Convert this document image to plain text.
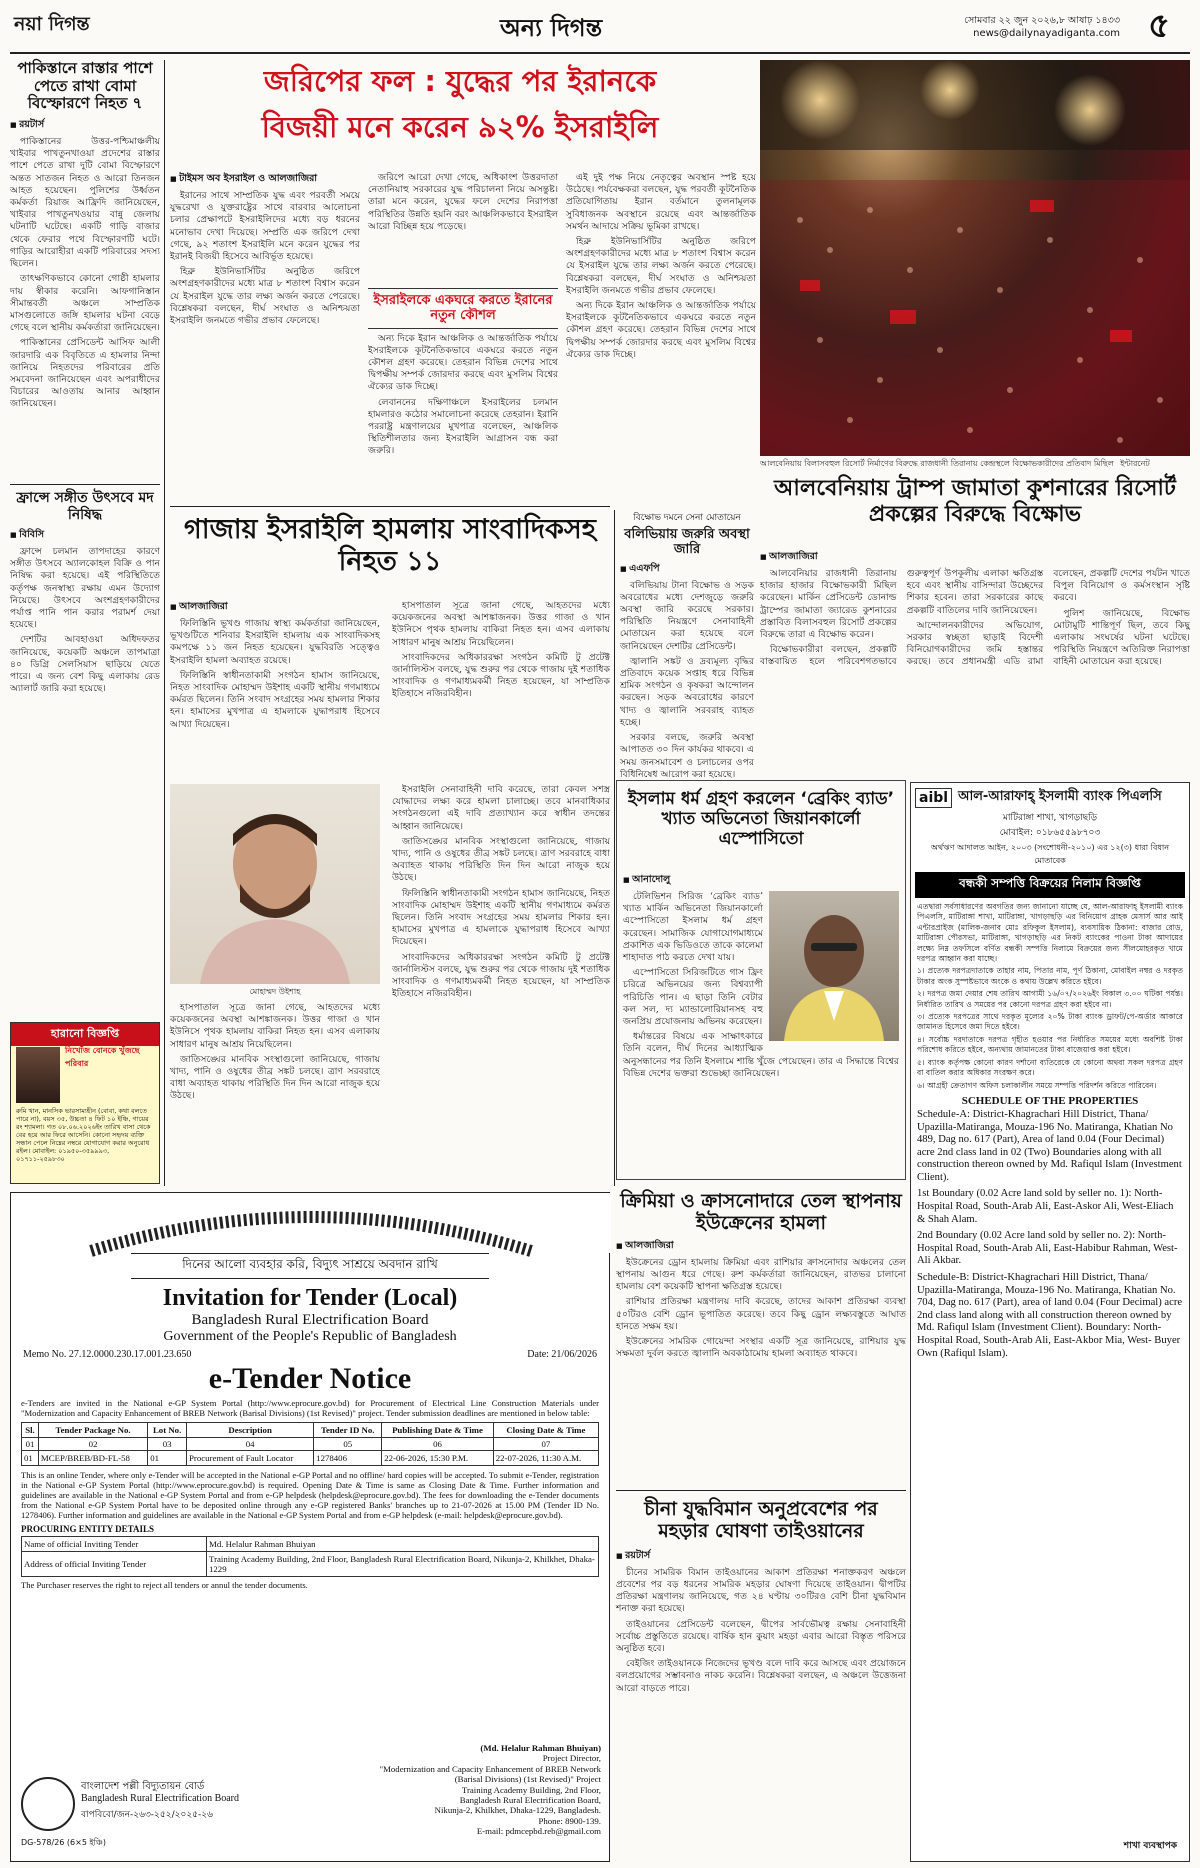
নয়া দিগন্ত	অন্য দিগন্ত	সোমবার ২২ জুন ২০২৬,৮ আষাঢ় ১৪৩৩
news@dailynayadiganta.com ৫
পাকিস্তানে রাস্তার পাশে পেতে রাখা বোমা বিস্ফোরণে নিহত ৭
■ রয়টার্স

পাকিস্তানের উত্তর-পশ্চিমাঞ্চলীয় খাইবার পাখতুনখাওয়া প্রদেশের রাস্তার পাশে পেতে রাখা দুটি বোমা বিস্ফোরণে অন্তত সাতজন নিহত ও আরো তিনজন আহত হয়েছেন। পুলিশের উর্ধ্বতন কর্মকর্তা রিয়াজ আফ্রিদি জানিয়েছেন, খাইবার পাখতুনখওয়ার বান্নু জেলায় ঘটনাটি ঘটেছে। একটি গাড়ি বাজার থেকে ফেরার পথে বিস্ফোরণটি ঘটে। গাড়ির আরোহীরা একটি পরিবারের সদস্য ছিলেন।

তাৎক্ষণিকভাবে কোনো গোষ্ঠী হামলার দায় স্বীকার করেনি। আফগানিস্তান সীমান্তবর্তী অঞ্চলে সাম্প্রতিক মাসগুলোতে জঙ্গি হামলার ঘটনা বেড়ে গেছে বলে স্থানীয় কর্মকর্তারা জানিয়েছেন।

পাকিস্তানের প্রেসিডেন্ট আসিফ আলী জারদারি এক বিবৃতিতে এ হামলার নিন্দা জানিয়ে নিহতদের পরিবারের প্রতি সমবেদনা জানিয়েছেন এবং অপরাধীদের বিচারের আওতায় আনার আহ্বান জানিয়েছেন।

ফ্রান্সে সঙ্গীত উৎসবে মদ নিষিদ্ধ
■ বিবিসি

ফ্রান্সে চলমান তাপদাহের কারণে সঙ্গীত উৎসবে অ্যালকোহল বিক্রি ও পান নিষিদ্ধ করা হয়েছে। এই পরিস্থিতিতে কর্তৃপক্ষ জনস্বাস্থ্য রক্ষায় এমন উদ্যোগ নিয়েছে। উৎসবে অংশগ্রহণকারীদের পর্যাপ্ত পানি পান করার পরামর্শ দেয়া হয়েছে।

দেশটির আবহাওয়া অধিদফতর জানিয়েছে, কয়েকটি অঞ্চলে তাপমাত্রা ৪০ ডিগ্রি সেলসিয়াস ছাড়িয়ে যেতে পারে। এ জন্য বেশ কিছু এলাকায় রেড অ্যালার্ট জারি করা হয়েছে।

হারানো বিজ্ঞপ্তি
নিখোঁজ বোনকে খুঁজছে পরিবার
রুমি খান, মানসিক ভারসাম্যহীন (বোবা, কথা বলতে পারে না), বয়স ৩৫, উচ্চতা ৪ ফিট ১০ ইঞ্চি, গায়ের রং শ্যামলা। গত ০৮.০৬.২০২৬ইং তারিখ বাসা থেকে বের হয়ে আর ফিরে আসেনি। কোনো সহৃদয় ব্যক্তি সন্ধান পেলে নিম্নের নম্বরে যোগাযোগ করার অনুরোধ রইল। মোবাইল: ০১৯৫০-৩৫৯৯৯৩, ০১৭১১-২৫৯৮৩০
জরিপের ফল : যুদ্ধের পর ইরানকে
বিজয়ী মনে করেন ৯২% ইসরাইলি
■ টাইমস অব ইসরাইল ও আলজাজিরা

ইরানের সাথে সাম্প্রতিক যুদ্ধ এবং পরবর্তী সময়ে যুদ্ধরেখা ও যুক্তরাষ্ট্রের সাথে বারবার আলোচনা চলার প্রেক্ষাপটে ইসরাইলিদের মধ্যে বড় ধরনের মনোভাব দেখা দিয়েছে। সম্প্রতি এক জরিপে দেখা গেছে, ৯২ শতাংশ ইসরাইলি মনে করেন যুদ্ধের পর ইরানই বিজয়ী হিসেবে আবির্ভূত হয়েছে।

হিব্রু ইউনিভার্সিটির অনুষ্ঠিত জরিপে অংশগ্রহণকারীদের মধ্যে মাত্র ৮ শতাংশ বিশ্বাস করেন যে ইসরাইল যুদ্ধে তার লক্ষ্য অর্জন করতে পেরেছে। বিশ্লেষকরা বলছেন, দীর্ঘ সংঘাত ও অনিশ্চয়তা ইসরাইলি জনমতে গভীর প্রভাব ফেলেছে।

জরিপে আরো দেখা গেছে, অধিকাংশ উত্তরদাতা নেতানিয়াহু সরকারের যুদ্ধ পরিচালনা নিয়ে অসন্তুষ্ট। তারা মনে করেন, যুদ্ধের ফলে দেশের নিরাপত্তা পরিস্থিতির উন্নতি হয়নি বরং আঞ্চলিকভাবে ইসরাইল আরো বিচ্ছিন্ন হয়ে পড়েছে।

ইসরাইলকে একঘরে করতে ইরানের নতুন কৌশল

অন্য দিকে ইরান আঞ্চলিক ও আন্তর্জাতিক পর্যায়ে ইসরাইলকে কূটনৈতিকভাবে একঘরে করতে নতুন কৌশল গ্রহণ করেছে। তেহরান বিভিন্ন দেশের সাথে দ্বিপক্ষীয় সম্পর্ক জোরদার করছে এবং মুসলিম বিশ্বের ঐক্যের ডাক দিচ্ছে।

লেবাননের দক্ষিণাঞ্চলে ইসরাইলের চলমান হামলারও কঠোর সমালোচনা করেছে তেহরান। ইরানি পররাষ্ট্র মন্ত্রণালয়ের মুখপাত্র বলেছেন, আঞ্চলিক স্থিতিশীলতার জন্য ইসরাইলি আগ্রাসন বন্ধ করা জরুরি।

এই দুই পক্ষ নিয়ে নেতৃত্বের অবস্থান স্পষ্ট হয়ে উঠেছে। পর্যবেক্ষকরা বলছেন, যুদ্ধ পরবর্তী কূটনৈতিক প্রতিযোগিতায় ইরান বর্তমানে তুলনামূলক সুবিধাজনক অবস্থানে রয়েছে এবং আন্তর্জাতিক সমর্থন আদায়ে সক্রিয় ভূমিকা রাখছে।

হিব্রু ইউনিভার্সিটির অনুষ্ঠিত জরিপে অংশগ্রহণকারীদের মধ্যে মাত্র ৮ শতাংশ বিশ্বাস করেন যে ইসরাইল যুদ্ধে তার লক্ষ্য অর্জন করতে পেরেছে। বিশ্লেষকরা বলছেন, দীর্ঘ সংঘাত ও অনিশ্চয়তা ইসরাইলি জনমতে গভীর প্রভাব ফেলেছে।

অন্য দিকে ইরান আঞ্চলিক ও আন্তর্জাতিক পর্যায়ে ইসরাইলকে কূটনৈতিকভাবে একঘরে করতে নতুন কৌশল গ্রহণ করেছে। তেহরান বিভিন্ন দেশের সাথে দ্বিপক্ষীয় সম্পর্ক জোরদার করছে এবং মুসলিম বিশ্বের ঐক্যের ডাক দিচ্ছে।

আলবেনিয়ায় বিলাসবহুল রিসোর্ট নির্মাণের বিরুদ্ধে রাজধানী তিরানায় কেন্দ্রস্থলে বিক্ষোভকারীদের প্রতিবাদ মিছিল ইন্টারনেট
আলবেনিয়ায় ট্রাম্প জামাতা কুশনারের রিসোর্ট প্রকল্পের বিরুদ্ধে বিক্ষোভ
■ আলজাজিরা

আলবেনিয়ার রাজধানী তিরানায় হাজার হাজার বিক্ষোভকারী মিছিল করেছেন। মার্কিন প্রেসিডেন্ট ডোনাল্ড ট্রাম্পের জামাতা জ্যারেড কুশনারের প্রস্তাবিত বিলাসবহুল রিসোর্ট প্রকল্পের বিরুদ্ধে তারা এ বিক্ষোভ করেন।

বিক্ষোভকারীরা বলছেন, প্রকল্পটি বাস্তবায়িত হলে পরিবেশগতভাবে গুরুত্বপূর্ণ উপকূলীয় এলাকা ক্ষতিগ্রস্ত হবে এবং স্থানীয় বাসিন্দারা উচ্ছেদের শিকার হবেন। তারা সরকারের কাছে প্রকল্পটি বাতিলের দাবি জানিয়েছেন।

আন্দোলনকারীদের অভিযোগ, সরকার স্বচ্ছতা ছাড়াই বিদেশী বিনিয়োগকারীদের জমি হস্তান্তর করছে। তবে প্রধানমন্ত্রী এডি রামা বলেছেন, প্রকল্পটি দেশের পর্যটন খাতে বিপুল বিনিয়োগ ও কর্মসংস্থান সৃষ্টি করবে।

পুলিশ জানিয়েছে, বিক্ষোভ মোটামুটি শান্তিপূর্ণ ছিল, তবে কিছু এলাকায় সংঘর্ষের ঘটনা ঘটেছে। পরিস্থিতি নিয়ন্ত্রণে অতিরিক্ত নিরাপত্তা বাহিনী মোতায়েন করা হয়েছে।

গাজায় ইসরাইলি হামলায় সাংবাদিকসহ নিহত ১১
■ আলজাজিরা

ফিলিস্তিনি ভূখণ্ড গাজায় স্বাস্থ্য কর্মকর্তারা জানিয়েছেন, ভূখণ্ডটিতে শনিবার ইসরাইলি হামলায় এক সাংবাদিকসহ কমপক্ষে ১১ জন নিহত হয়েছেন। যুদ্ধবিরতি সত্ত্বেও ইসরাইলি হামলা অব্যাহত রয়েছে।

ফিলিস্তিনি স্বাধীনতাকামী সংগঠন হামাস জানিয়েছে, নিহত সাংবাদিক মোহাম্মদ উইশাহ একটি স্থানীয় গণমাধ্যমে কর্মরত ছিলেন। তিনি সংবাদ সংগ্রহের সময় হামলার শিকার হন। হামাসের মুখপাত্র এ হামলাকে যুদ্ধাপরাধ হিসেবে আখ্যা দিয়েছেন।

হাসপাতাল সূত্রে জানা গেছে, আহতদের মধ্যে কয়েকজনের অবস্থা আশঙ্কাজনক। উত্তর গাজা ও খান ইউনিসে পৃথক হামলায় বাকিরা নিহত হন। এসব এলাকায় সাধারণ মানুষ আশ্রয় নিয়েছিলেন।

সাংবাদিকদের অধিকাররক্ষা সংগঠন কমিটি টু প্রটেক্ট জার্নালিস্টস বলছে, যুদ্ধ শুরুর পর থেকে গাজায় দুই শতাধিক সাংবাদিক ও গণমাধ্যমকর্মী নিহত হয়েছেন, যা সাম্প্রতিক ইতিহাসে নজিরবিহীন।

মোহাম্মদ উইশাহ

ইসরাইলি সেনাবাহিনী দাবি করেছে, তারা কেবল সশস্ত্র যোদ্ধাদের লক্ষ্য করে হামলা চালাচ্ছে। তবে মানবাধিকার সংগঠনগুলো এই দাবি প্রত্যাখ্যান করে স্বাধীন তদন্তের আহ্বান জানিয়েছে।

জাতিসঙ্ঘের মানবিক সংস্থাগুলো জানিয়েছে, গাজায় খাদ্য, পানি ও ওষুধের তীব্র সঙ্কট চলছে। ত্রাণ সরবরাহে বাধা অব্যাহত থাকায় পরিস্থিতি দিন দিন আরো নাজুক হয়ে উঠছে।

ফিলিস্তিনি স্বাধীনতাকামী সংগঠন হামাস জানিয়েছে, নিহত সাংবাদিক মোহাম্মদ উইশাহ একটি স্থানীয় গণমাধ্যমে কর্মরত ছিলেন। তিনি সংবাদ সংগ্রহের সময় হামলার শিকার হন। হামাসের মুখপাত্র এ হামলাকে যুদ্ধাপরাধ হিসেবে আখ্যা দিয়েছেন।

সাংবাদিকদের অধিকাররক্ষা সংগঠন কমিটি টু প্রটেক্ট জার্নালিস্টস বলছে, যুদ্ধ শুরুর পর থেকে গাজায় দুই শতাধিক সাংবাদিক ও গণমাধ্যমকর্মী নিহত হয়েছেন, যা সাম্প্রতিক ইতিহাসে নজিরবিহীন।

হাসপাতাল সূত্রে জানা গেছে, আহতদের মধ্যে কয়েকজনের অবস্থা আশঙ্কাজনক। উত্তর গাজা ও খান ইউনিসে পৃথক হামলায় বাকিরা নিহত হন। এসব এলাকায় সাধারণ মানুষ আশ্রয় নিয়েছিলেন।

জাতিসঙ্ঘের মানবিক সংস্থাগুলো জানিয়েছে, গাজায় খাদ্য, পানি ও ওষুধের তীব্র সঙ্কট চলছে। ত্রাণ সরবরাহে বাধা অব্যাহত থাকায় পরিস্থিতি দিন দিন আরো নাজুক হয়ে উঠছে।

বিক্ষোভ দমনে সেনা মোতায়েন
বলিভিয়ায় জরুরি অবস্থা জারি
■ এএফপি

বলিভিয়ায় টানা বিক্ষোভ ও সড়ক অবরোধের মধ্যে দেশজুড়ে জরুরি অবস্থা জারি করেছে সরকার। পরিস্থিতি নিয়ন্ত্রণে সেনাবাহিনী মোতায়েন করা হয়েছে বলে জানিয়েছেন দেশটির প্রেসিডেন্ট।

জ্বালানি সঙ্কট ও দ্রব্যমূল্য বৃদ্ধির প্রতিবাদে কয়েক সপ্তাহ ধরে বিভিন্ন শ্রমিক সংগঠন ও কৃষকরা আন্দোলন করছেন। সড়ক অবরোধের কারণে খাদ্য ও জ্বালানি সরবরাহ ব্যাহত হচ্ছে।

সরকার বলছে, জরুরি অবস্থা আপাতত ৩০ দিন কার্যকর থাকবে। এ সময় জনসমাবেশ ও চলাচলের ওপর বিধিনিষেধ আরোপ করা হয়েছে।

ইসলাম ধর্ম গ্রহণ করলেন ‘ব্রেকিং ব্যাড’ খ্যাত অভিনেতা জিয়ানকার্লো এস্পোসিতো
■ আনাদোলু

টেলিভিশন সিরিজ ‘ব্রেকিং ব্যাড’ খ্যাত মার্কিন অভিনেতা জিয়ানকার্লো এস্পোসিতো ইসলাম ধর্ম গ্রহণ করেছেন। সামাজিক যোগাযোগমাধ্যমে প্রকাশিত এক ভিডিওতে তাকে কালেমা শাহাদাত পাঠ করতে দেখা যায়।

এস্পোসিতো সিরিজটিতে গাস ফ্রিং চরিত্রে অভিনয়ের জন্য বিশ্বব্যাপী পরিচিতি পান। এ ছাড়া তিনি বেটার কল সল, দ্য ম্যান্ডালোরিয়ানসহ বহু জনপ্রিয় প্রযোজনায় অভিনয় করেছেন।

ধর্মান্তরের বিষয়ে এক সাক্ষাৎকারে তিনি বলেন, দীর্ঘ দিনের আধ্যাত্মিক অনুসন্ধানের পর তিনি ইসলামে শান্তি খুঁজে পেয়েছেন। তার এ সিদ্ধান্তে বিশ্বের বিভিন্ন দেশের ভক্তরা শুভেচ্ছা জানিয়েছেন।

aibl আল-আরাফাহ্ ইসলামী ব্যাংক পিএলসি
মাটিরাঙ্গা শাখা, খাগড়াছড়ি
মোবাইল: ০১৮৬৫৫৯৮৭০৩
অর্থঋণ আদালত আইন, ২০০৩ (সংশোধনী-২০১০) এর ১২(৩) ধারা বিধান মোতাবেক
বন্ধকী সম্পত্তি বিক্রয়ের নিলাম বিজ্ঞপ্তি
এতদ্বারা সর্বসাধারণের অবগতির জন্য জানানো যাচ্ছে যে, আল-আরাফাহ্ ইসলামী ব্যাংক পিএলসি, মাটিরাঙ্গা শাখা, মাটিরাঙ্গা, খাগড়াছড়ি এর বিনিয়োগ গ্রাহক মেসার্স আর আই এন্টারপ্রাইজ (মালিক-জনাব মোঃ রফিকুল ইসলাম), ব্যবসায়িক ঠিকানা: বাজার রোড, মাটিরাঙ্গা পৌরসভা, মাটিরাঙ্গা, খাগড়াছড়ি এর নিকট ব্যাংকের পাওনা টাকা আদায়ের লক্ষ্যে নিম্ন তফসিলে বর্ণিত বন্ধকী সম্পত্তি নিলামে বিক্রয়ের জন্য সীলমোহরকৃত খামে দরপত্র আহ্বান করা যাচ্ছে।
১। প্রত্যেক দরপত্রদাতাকে তাহার নাম, পিতার নাম, পূর্ণ ঠিকানা, মোবাইল নম্বর ও দরকৃত টাকার অংক সুস্পষ্টভাবে অংকে ও কথায় উল্লেখ করিতে হইবে।
২। দরপত্র জমা দেয়ার শেষ তারিখ আগামী ১৬/০৭/২০২৬ইং বিকাল ৩.০০ ঘটিকা পর্যন্ত। নির্ধারিত তারিখ ও সময়ের পর কোনো দরপত্র গ্রহণ করা হইবে না।
৩। প্রত্যেক দরপত্রের সাথে দরকৃত মূল্যের ২০% টাকা ব্যাংক ড্রাফট/পে-অর্ডার আকারে জামানত হিসেবে জমা দিতে হইবে।
৪। সর্বোচ্চ দরদাতাকে দরপত্র গৃহীত হওয়ার পর নির্ধারিত সময়ের মধ্যে অবশিষ্ট টাকা পরিশোধ করিতে হইবে, অন্যথায় জামানতের টাকা বাজেয়াপ্ত করা হইবে।
৫। ব্যাংক কর্তৃপক্ষ কোনো কারণ দর্শানো ব্যতিরেকে যে কোনো অথবা সকল দরপত্র গ্রহণ বা বাতিল করার অধিকার সংরক্ষণ করে।
৬। আগ্রহী ক্রেতাগণ অফিস চলাকালীন সময়ে সম্পত্তি পরিদর্শন করিতে পারিবেন।
SCHEDULE OF THE PROPERTIES
Schedule-A: District-Khagrachari Hill District, Thana/ Upazilla-Matiranga, Mouza-196 No. Matiranga, Khatian No 489, Dag no. 617 (Part), Area of land 0.04 (Four Decimal) acre 2nd class land in 02 (Two) Boundaries along with all construction thereon owned by Md. Rafiqul Islam (Investment Client).
1st Boundary (0.02 Acre land sold by seller no. 1): North-Hospital Road, South-Arab Ali, East-Askor Ali, West-Eliach & Shah Alam.
2nd Boundary (0.02 Acre land sold by seller no. 2): North-Hospital Road, South-Arab Ali, East-Habibur Rahman, West-Ali Akbar.
Schedule-B: District-Khagrachari Hill District, Thana/ Upazilla-Matiranga, Mouza-196 No. Matiranga, Khatian No. 704, Dag no. 617 (Part), area of land 0.04 (Four Decimal) acre 2nd class land along with all construction thereon owned by Md. Rafiqul Islam (Investment Client). Boundary: North-Hospital Road, South-Arab Ali, East-Akbor Mia, West- Buyer Own (Rafiqul Islam).
শাখা ব্যবস্থাপক
ক্রিমিয়া ও ক্রাসনোদারে তেল স্থাপনায় ইউক্রেনের হামলা
■ আলজাজিরা

ইউক্রেনের ড্রোন হামলায় ক্রিমিয়া এবং রাশিয়ার ক্রাসনোদার অঞ্চলের তেল স্থাপনায় আগুন ধরে গেছে। রুশ কর্মকর্তারা জানিয়েছেন, রাতভর চালানো হামলায় বেশ কয়েকটি স্থাপনা ক্ষতিগ্রস্ত হয়েছে।

রাশিয়ার প্রতিরক্ষা মন্ত্রণালয় দাবি করেছে, তাদের আকাশ প্রতিরক্ষা ব্যবস্থা ৫০টিরও বেশি ড্রোন ভূপাতিত করেছে। তবে কিছু ড্রোন লক্ষ্যবস্তুতে আঘাত হানতে সক্ষম হয়।

ইউক্রেনের সামরিক গোয়েন্দা সংস্থার একটি সূত্র জানিয়েছে, রাশিয়ার যুদ্ধ সক্ষমতা দুর্বল করতে জ্বালানি অবকাঠামোয় হামলা অব্যাহত থাকবে।

চীনা যুদ্ধবিমান অনুপ্রবেশের পর মহড়ার ঘোষণা তাইওয়ানের
■ রয়টার্স

চীনের সামরিক বিমান তাইওয়ানের আকাশ প্রতিরক্ষা শনাক্তকরণ অঞ্চলে প্রবেশের পর বড় ধরনের সামরিক মহড়ার ঘোষণা দিয়েছে তাইওয়ান। দ্বীপটির প্রতিরক্ষা মন্ত্রণালয় জানিয়েছে, গত ২৪ ঘণ্টায় ৩০টিরও বেশি চীনা যুদ্ধবিমান শনাক্ত করা হয়েছে।

তাইওয়ানের প্রেসিডেন্ট বলেছেন, দ্বীপের সার্বভৌমত্ব রক্ষায় সেনাবাহিনী সর্বোচ্চ প্রস্তুতিতে রয়েছে। বার্ষিক হান কুয়াং মহড়া এবার আরো বিস্তৃত পরিসরে অনুষ্ঠিত হবে।

বেইজিং তাইওয়ানকে নিজেদের ভূখণ্ড বলে দাবি করে আসছে এবং প্রয়োজনে বলপ্রয়োগের সম্ভাবনাও নাকচ করেনি। বিশ্লেষকরা বলছেন, এ অঞ্চলে উত্তেজনা আরো বাড়তে পারে।

দিনের আলো ব্যবহার করি, বিদ্যুৎ সাশ্রয়ে অবদান রাখি
Invitation for Tender (Local)
Bangladesh Rural Electrification Board
Government of the People's Republic of Bangladesh
Memo No. 27.12.0000.230.17.001.23.650	Date: 21/06/2026
e-Tender Notice
e-Tenders are invited in the National e-GP System Portal (http://www.eprocure.gov.bd) for Procurement of Electrical Line Construction Materials under "Modernization and Capacity Enhancement of BREB Network (Barisal Divisions) (1st Revised)" project. Tender submission deadlines are mentioned in below table:
Sl.	Tender Package No.	Lot No.	Description	Tender ID No.	Publishing Date & Time	Closing Date & Time
01	02	03	04	05	06	07
01	MCEP/BREB/BD-FL-58	01	Procurement of Fault Locator	1278406	22-06-2026, 15:30 P.M.	22-07-2026, 11:30 A.M.
This is an online Tender, where only e-Tender will be accepted in the National e-GP Portal and no offline/ hard copies will be accepted. To submit e-Tender, registration in the National e-GP System Portal (http://www.eprocure.gov.bd) is required. Opening Date & Time is same as Closing Date & Time. Further information and guidelines are available in the National e-GP System Portal and from e-GP helpdesk (helpdesk@eprocure.gov.bd). The fees for downloading the e-Tender documents from the National e-GP System Portal have to be deposited online through any e-GP registered Banks' branches up to 21-07-2026 at 15.00 PM (Tender ID No. 1278406). Further information and guidelines are available in the National e-GP System Portal and from e-GP helpdesk (e-mail: helpdesk@eprocure.gov.bd).
PROCURING ENTITY DETAILS
Name of official Inviting Tender	Md. Helalur Rahman Bhuiyan
Address of official Inviting Tender	Training Academy Building, 2nd Floor, Bangladesh Rural Electrification Board, Nikunja-2, Khilkhet, Dhaka-1229
The Purchaser reserves the right to reject all tenders or annul the tender documents.
বাংলাদেশ পল্লী বিদ্যুতায়ন বোর্ড
Bangladesh Rural Electrification Board
বাপবিবো/জন-২৬৩-২৫২/২০২৫-২৬
DG-578/26 (6×5 ইঞ্চি)
(Md. Helalur Rahman Bhuiyan)
Project Director,
"Modernization and Capacity Enhancement of BREB Network
(Barisal Divisions) (1st Revised)" Project
Training Academy Building, 2nd Floor,
Bangladesh Rural Electrification Board,
Nikunja-2, Khilkhet, Dhaka-1229, Bangladesh.
Phone: 8900-139.
E-mail: pdmcepbd.reb@gmail.com
